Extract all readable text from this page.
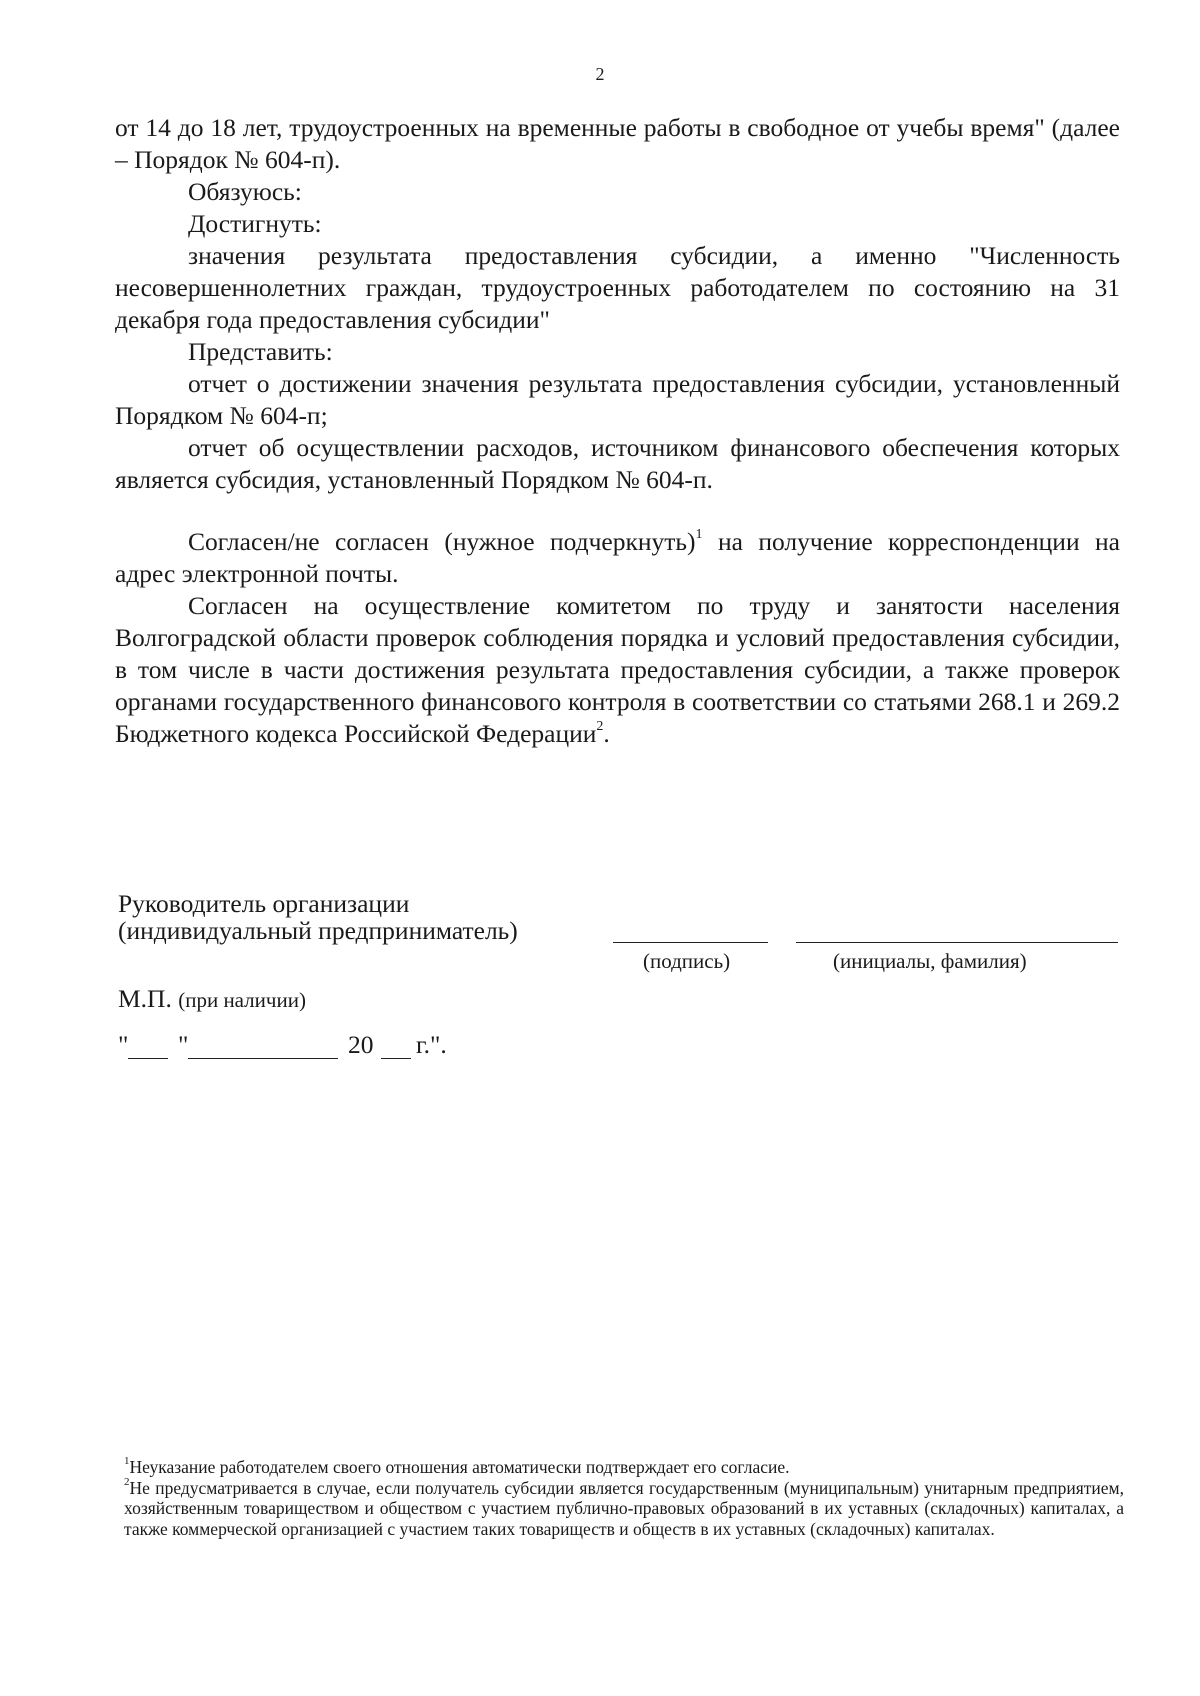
2

от 14 до 18 лет, трудоустроенных на временные работы в свободное от учебы время" (далее – Порядок № 604-п).

Обязуюсь:

Достигнуть:

значения результата предоставления субсидии, а именно "Численность несовершеннолетних граждан, трудоустроенных работодателем по состоянию на 31 декабря года предоставления субсидии"

Представить:

отчет о достижении значения результата предоставления субсидии, установленный Порядком № 604-п;

отчет об осуществлении расходов, источником финансового обеспечения которых является субсидия, установленный Порядком № 604-п.

Согласен/не согласен (нужное подчеркнуть)$^1$ на получение корреспонденции на адрес электронной почты.

Согласен на осуществление комитетом по труду и занятости населения Волгоградской области проверок соблюдения порядка и условий предоставления субсидии, в том числе в части достижения результата предоставления субсидии, а также проверок органами государственного финансового контроля в соответствии со статьями 268.1 и 269.2 Бюджетного кодекса Российской Федерации$^2$.

Руководитель организации
(индивидуальный предприниматель)
(подпись)	(инициалы, фамилия)
М.П. (при наличии)
" "	20 г.".

$^1$Неуказание работодателем своего отношения автоматически подтверждает его согласие.

$^2$Не предусматривается в случае, если получатель субсидии является государственным (муниципальным) унитарным предприятием, хозяйственным товариществом и обществом с участием публично-правовых образований в их уставных (складочных) капиталах, а также коммерческой организацией с участием таких товариществ и обществ в их уставных (складочных) капиталах.
